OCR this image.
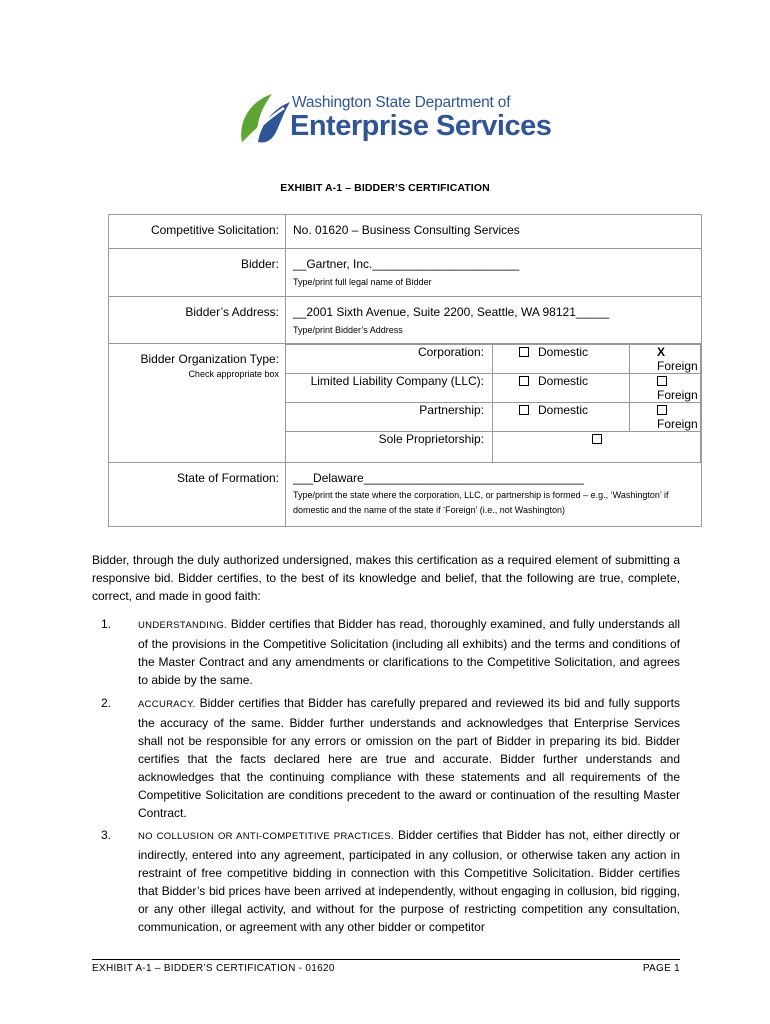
Washington State Department of
Enterprise Services
EXHIBIT A-1 – BIDDER’S CERTIFICATION
Competitive Solicitation:	No. 01620 – Business Consulting Services
Bidder:	__Gartner, Inc.______________________
Type/print full legal name of Bidder

Bidder’s Address:	__2001 Sixth Avenue, Suite 2200, Seattle, WA 98121_____
Type/print Bidder’s Address

Bidder Organization Type:
Check appropriate box

Corporation:	Domestic	XForeign
Limited Liability Company (LLC):	Domestic	Foreign
Partnership:	Domestic	Foreign
Sole Proprietorship:	

State of Formation:	___Delaware_________________________________
Type/print the state where the corporation, LLC, or partnership is formed – e.g., ‘Washington’ if domestic and the name of the state if ‘Foreign’ (i.e., not Washington)
Bidder, through the duly authorized undersigned, makes this certification as a required element of submitting a responsive bid. Bidder certifies, to the best of its knowledge and belief, that the following are true, complete, correct, and made in good faith:
1.	UNDERSTANDING. Bidder certifies that Bidder has read, thoroughly examined, and fully understands all of the provisions in the Competitive Solicitation (including all exhibits) and the terms and conditions of the Master Contract and any amendments or clarifications to the Competitive Solicitation, and agrees to abide by the same.
2.	ACCURACY. Bidder certifies that Bidder has carefully prepared and reviewed its bid and fully supports the accuracy of the same. Bidder further understands and acknowledges that Enterprise Services shall not be responsible for any errors or omission on the part of Bidder in preparing its bid. Bidder certifies that the facts declared here are true and accurate. Bidder further understands and acknowledges that the continuing compliance with these statements and all requirements of the Competitive Solicitation are conditions precedent to the award or continuation of the resulting Master Contract.
3.	NO COLLUSION OR ANTI-COMPETITIVE PRACTICES. Bidder certifies that Bidder has not, either directly or indirectly, entered into any agreement, participated in any collusion, or otherwise taken any action in restraint of free competitive bidding in connection with this Competitive Solicitation. Bidder certifies that Bidder’s bid prices have been arrived at independently, without engaging in collusion, bid rigging, or any other illegal activity, and without for the purpose of restricting competition any consultation, communication, or agreement with any other bidder or competitor
EXHIBIT A-1 – BIDDER’S CERTIFICATION - 01620	PAGE 1
